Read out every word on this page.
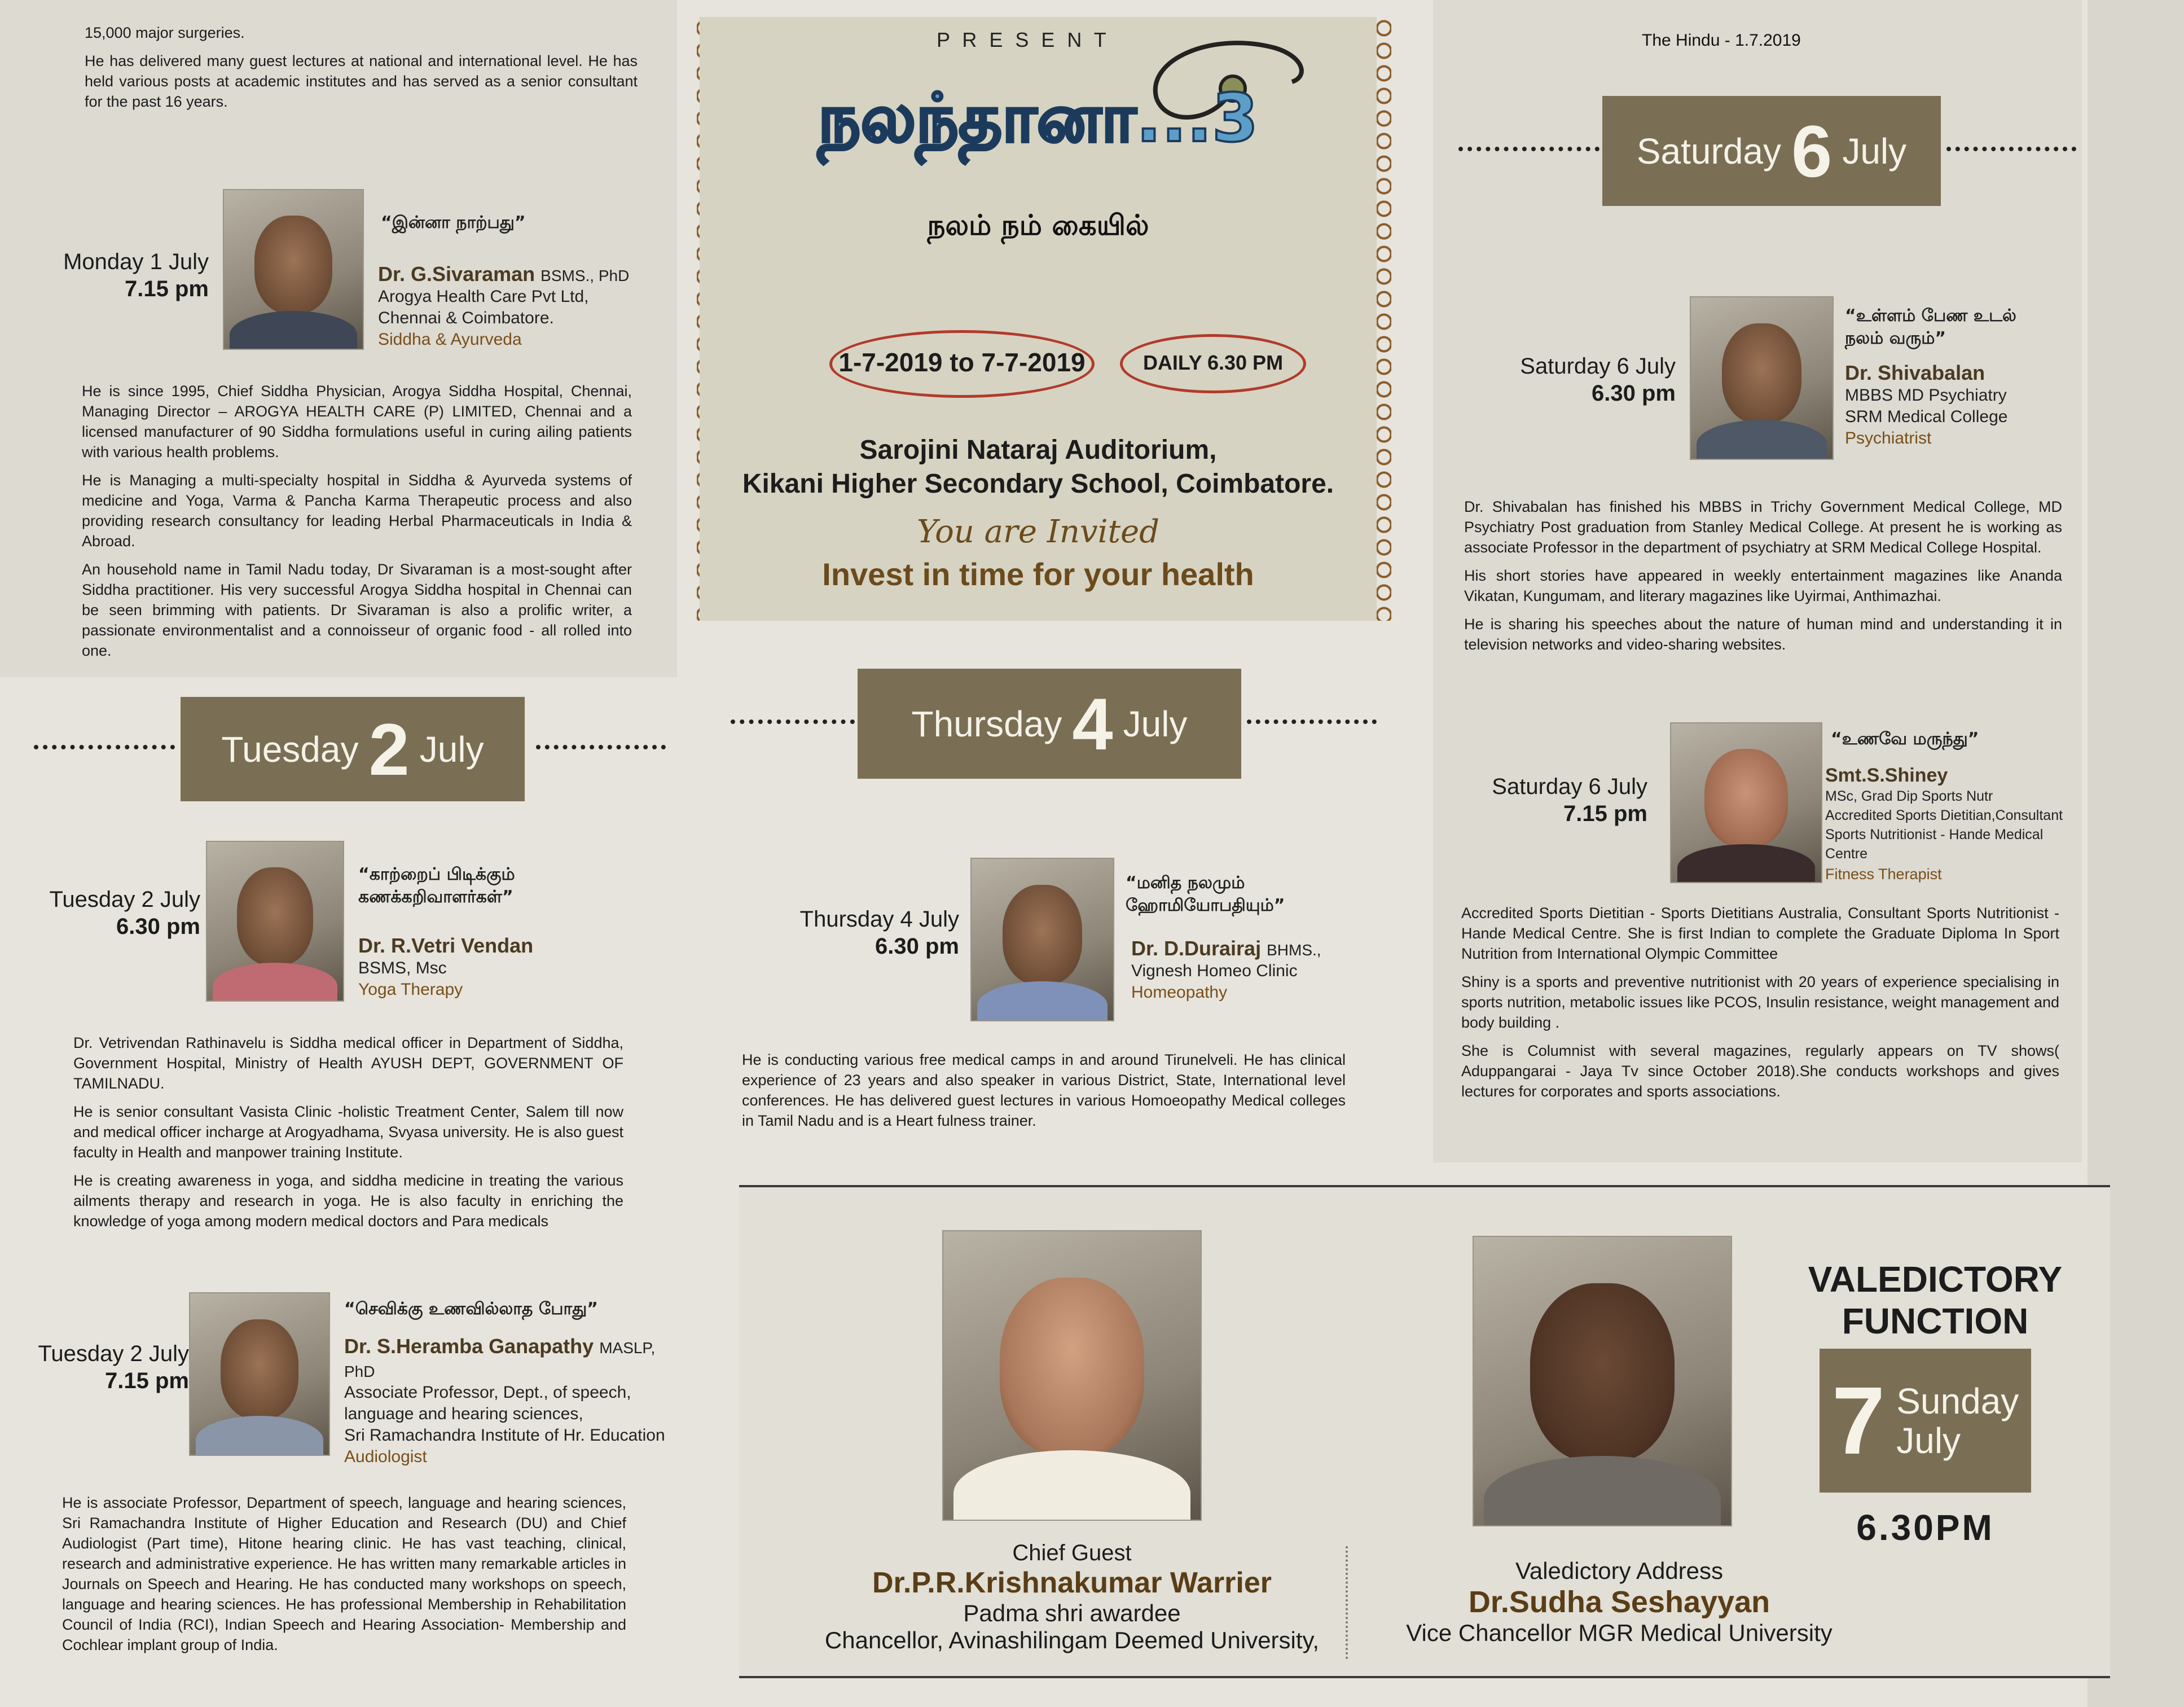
The Hindu - 1.7.2019

15,000 major surgeries.

He has delivered many guest lectures at national and international level. He has held various posts at academic institutes and has served as a senior consultant for the past 16 years.

Monday 1 July
7.15 pm
“இன்னா நாற்பது”
Dr. G.Sivaraman BSMS., PhD
Arogya Health Care Pvt Ltd,
Chennai & Coimbatore.
Siddha & Ayurveda

He is since 1995, Chief Siddha Physician, Arogya Siddha Hospital, Chennai, Managing Director – AROGYA HEALTH CARE (P) LIMITED, Chennai and a licensed manufacturer of 90 Siddha formulations useful in curing ailing patients with various health problems.

He is Managing a multi-specialty hospital in Siddha & Ayurveda systems of medicine and Yoga, Varma & Pancha Karma Therapeutic process and also providing research consultancy for leading Herbal Pharmaceuticals in India & Abroad.

An household name in Tamil Nadu today, Dr Sivaraman is a most-sought after Siddha practitioner. His very successful Arogya Siddha hospital in Chennai can be seen brimming with patients. Dr Sivaraman is also a prolific writer, a passionate environmentalist and a connoisseur of organic food - all rolled into one.

Tuesday 2 July
Tuesday 2 July
6.30 pm
“காற்றைப் பிடிக்கும் கணக்கறிவாளர்கள்”
Dr. R.Vetri Vendan
BSMS, Msc
Yoga Therapy

Dr. Vetrivendan Rathinavelu is Siddha medical officer in Department of Siddha, Government Hospital, Ministry of Health AYUSH DEPT, GOVERNMENT OF TAMILNADU.

He is senior consultant Vasista Clinic -holistic Treatment Center, Salem till now and medical officer incharge at Arogyadhama, Svyasa university. He is also guest faculty in Health and manpower training Institute.

He is creating awareness in yoga, and siddha medicine in treating the various ailments therapy and research in yoga. He is also faculty in enriching the knowledge of yoga among modern medical doctors and Para medicals

Tuesday 2 July
7.15 pm
“செவிக்கு உணவில்லாத போது”
Dr. S.Heramba Ganapathy MASLP, PhD
Associate Professor, Dept., of speech,
language and hearing sciences,
Sri Ramachandra Institute of Hr. Education
Audiologist

He is associate Professor, Department of speech, language and hearing sciences, Sri Ramachandra Institute of Higher Education and Research (DU) and Chief Audiologist (Part time), Hitone hearing clinic. He has vast teaching, clinical, research and administrative experience. He has written many remarkable articles in Journals on Speech and Hearing. He has conducted many workshops on speech, language and hearing sciences. He has professional Membership in Rehabilitation Council of India (RCI), Indian Speech and Hearing Association- Membership and Cochlear implant group of India.

P R E S E N T
நலந்தானா...3
நலம் நம் கையில்
1-7-2019 to 7-7-2019	DAILY 6.30 PM
Sarojini Nataraj Auditorium,
Kikani Higher Secondary School, Coimbatore.
You are Invited
Invest in time for your health
Thursday 4 July
Thursday 4 July
6.30 pm
“மனித நலமும் ஹோமியோபதியும்”
Dr. D.Durairaj BHMS.,
Vignesh Homeo Clinic
Homeopathy

He is conducting various free medical camps in and around Tirunelveli. He has clinical experience of 23 years and also speaker in various District, State, International level conferences. He has delivered guest lectures in various Homoeopathy Medical colleges in Tamil Nadu and is a Heart fulness trainer.

Saturday 6 July
Saturday 6 July
6.30 pm
“உள்ளம் பேண உடல் நலம் வரும்”
Dr. Shivabalan
MBBS MD Psychiatry
SRM Medical College
Psychiatrist

Dr. Shivabalan has finished his MBBS in Trichy Government Medical College, MD Psychiatry Post graduation from Stanley Medical College. At present he is working as associate Professor in the department of psychiatry at SRM Medical College Hospital.

His short stories have appeared in weekly entertainment magazines like Ananda Vikatan, Kungumam, and literary magazines like Uyirmai, Anthimazhai.

He is sharing his speeches about the nature of human mind and understanding it in television networks and video-sharing websites.

Saturday 6 July
7.15 pm
“உணவே மருந்து”
Smt.S.Shiney
MSc, Grad Dip Sports Nutr
Accredited Sports Dietitian,Consultant
Sports Nutritionist - Hande Medical Centre
Fitness Therapist

Accredited Sports Dietitian - Sports Dietitians Australia, Consultant Sports Nutritionist - Hande Medical Centre. She is first Indian to complete the Graduate Diploma In Sport Nutrition from International Olympic Committee

Shiny is a sports and preventive nutritionist with 20 years of experience specialising in sports nutrition, metabolic issues like PCOS, Insulin resistance, weight management and body building .

She is Columnist with several magazines, regularly appears on TV shows( Aduppangarai - Jaya Tv since October 2018).She conducts workshops and gives lectures for corporates and sports associations.

Chief Guest
Dr.P.R.Krishnakumar Warrier
Padma shri awardee
Chancellor, Avinashilingam Deemed University,
Valedictory Address
Dr.Sudha Seshayyan
Vice Chancellor MGR Medical University
VALEDICTORY
FUNCTION
7 Sunday
July
6.30PM
